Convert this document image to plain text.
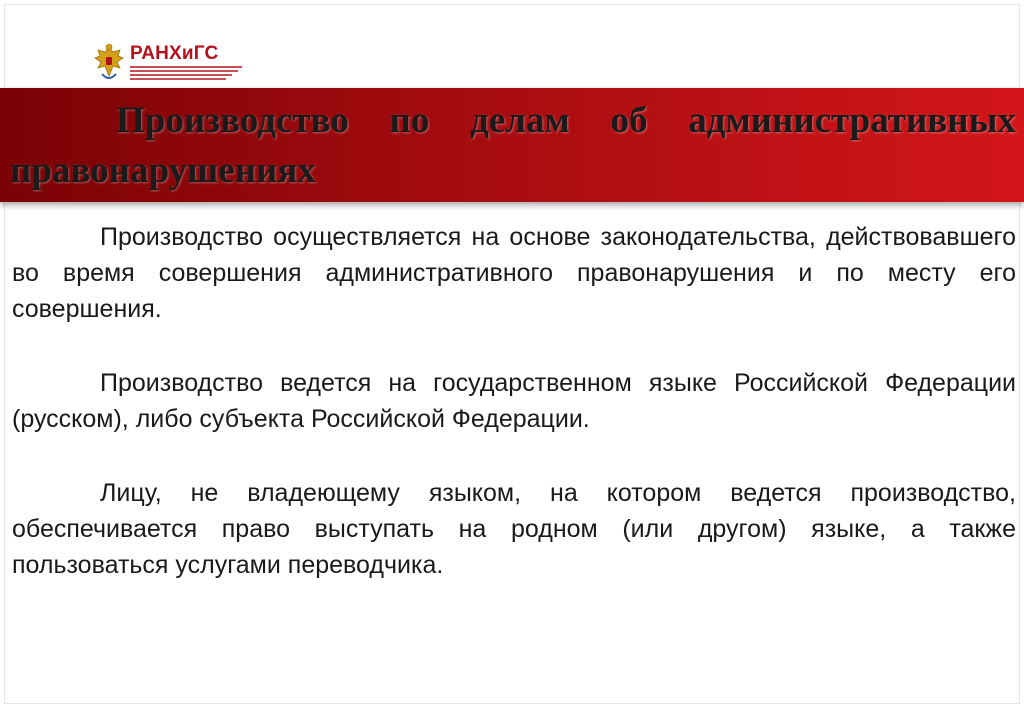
РАНХиГС
Производство по делам об административных правонарушениях

Производство осуществляется на основе законодательства, действовавшего во время совершения административного правонарушения и по месту его совершения.

Производство ведется на государственном языке Российской Федерации (русском), либо субъекта Российской Федерации.

Лицу, не владеющему языком, на котором ведется производство, обеспечивается право выступать на родном (или другом) языке, а также пользоваться услугами переводчика.
